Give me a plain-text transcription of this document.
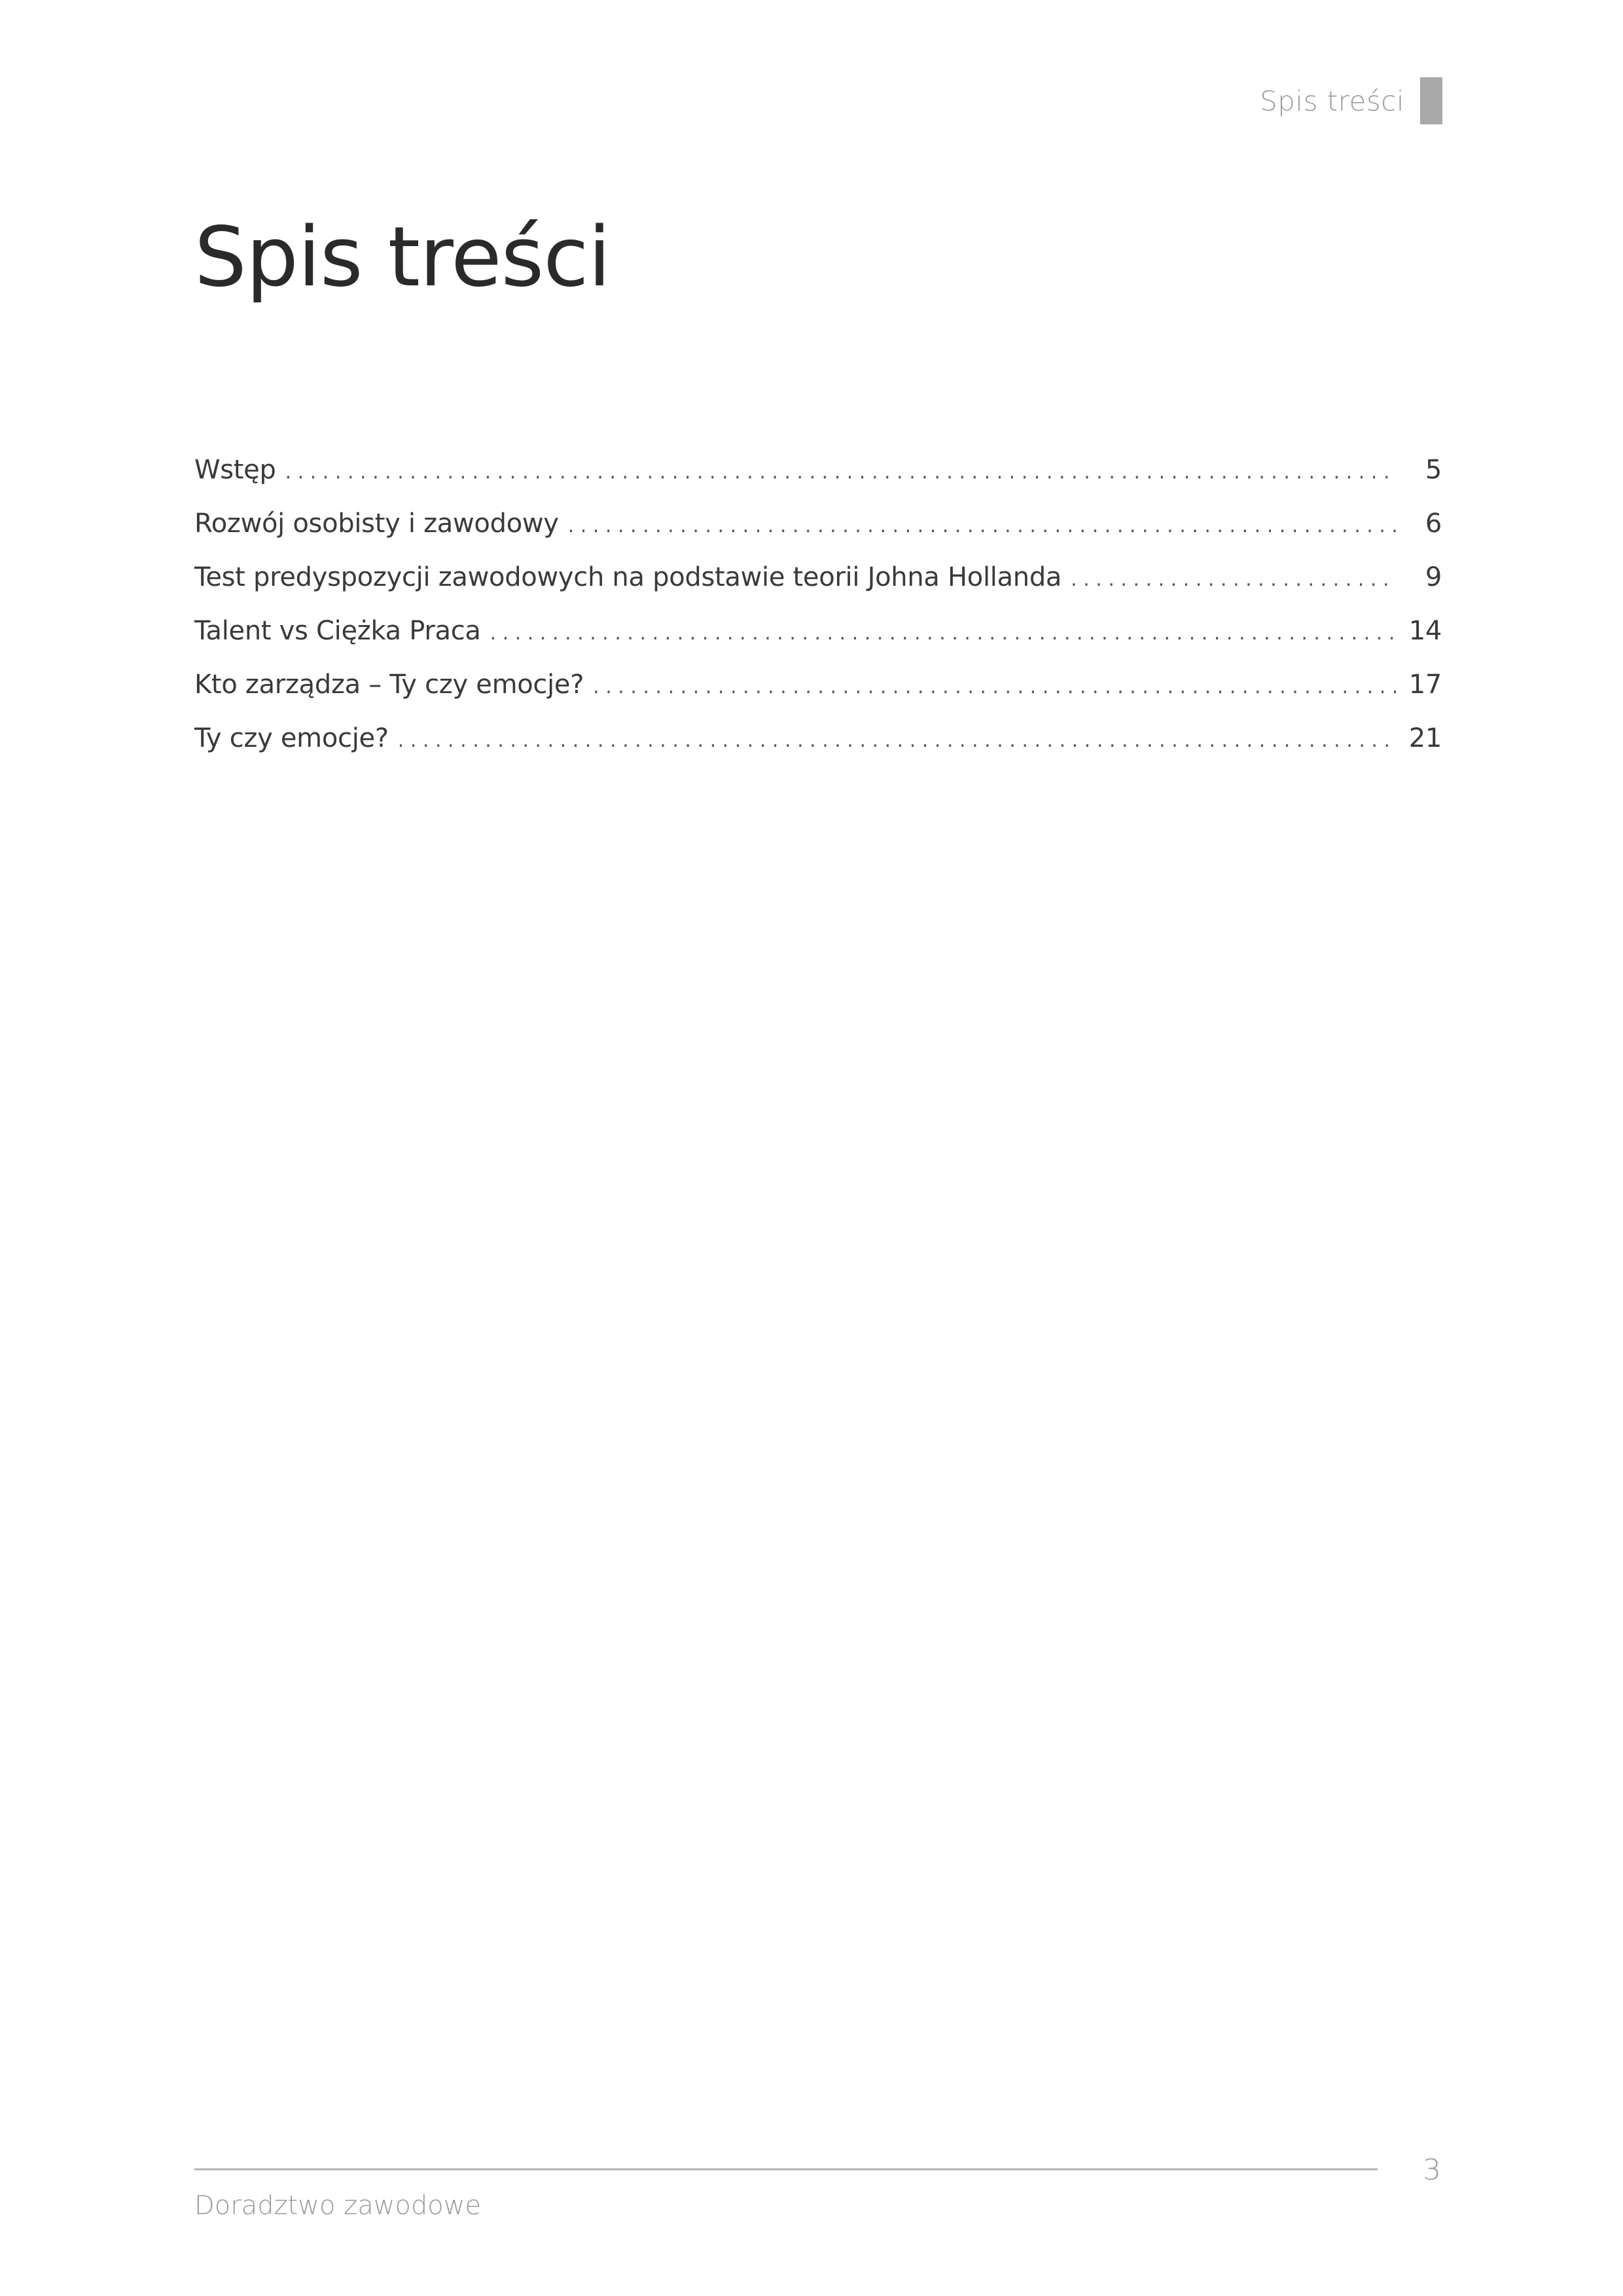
Spis treści
Spis treści
Wstęp . . .	5
Rozwój osobisty i zawodowy . . .	6
Test predyspozycji zawodowych na podstawie teorii Johna Hollanda . . .	9
Talent vs Ciężka Praca . . .	14
Kto zarządza – Ty czy emocje? . . .	17
Ty czy emocje? . . .	21
3
Doradztwo zawodowe
